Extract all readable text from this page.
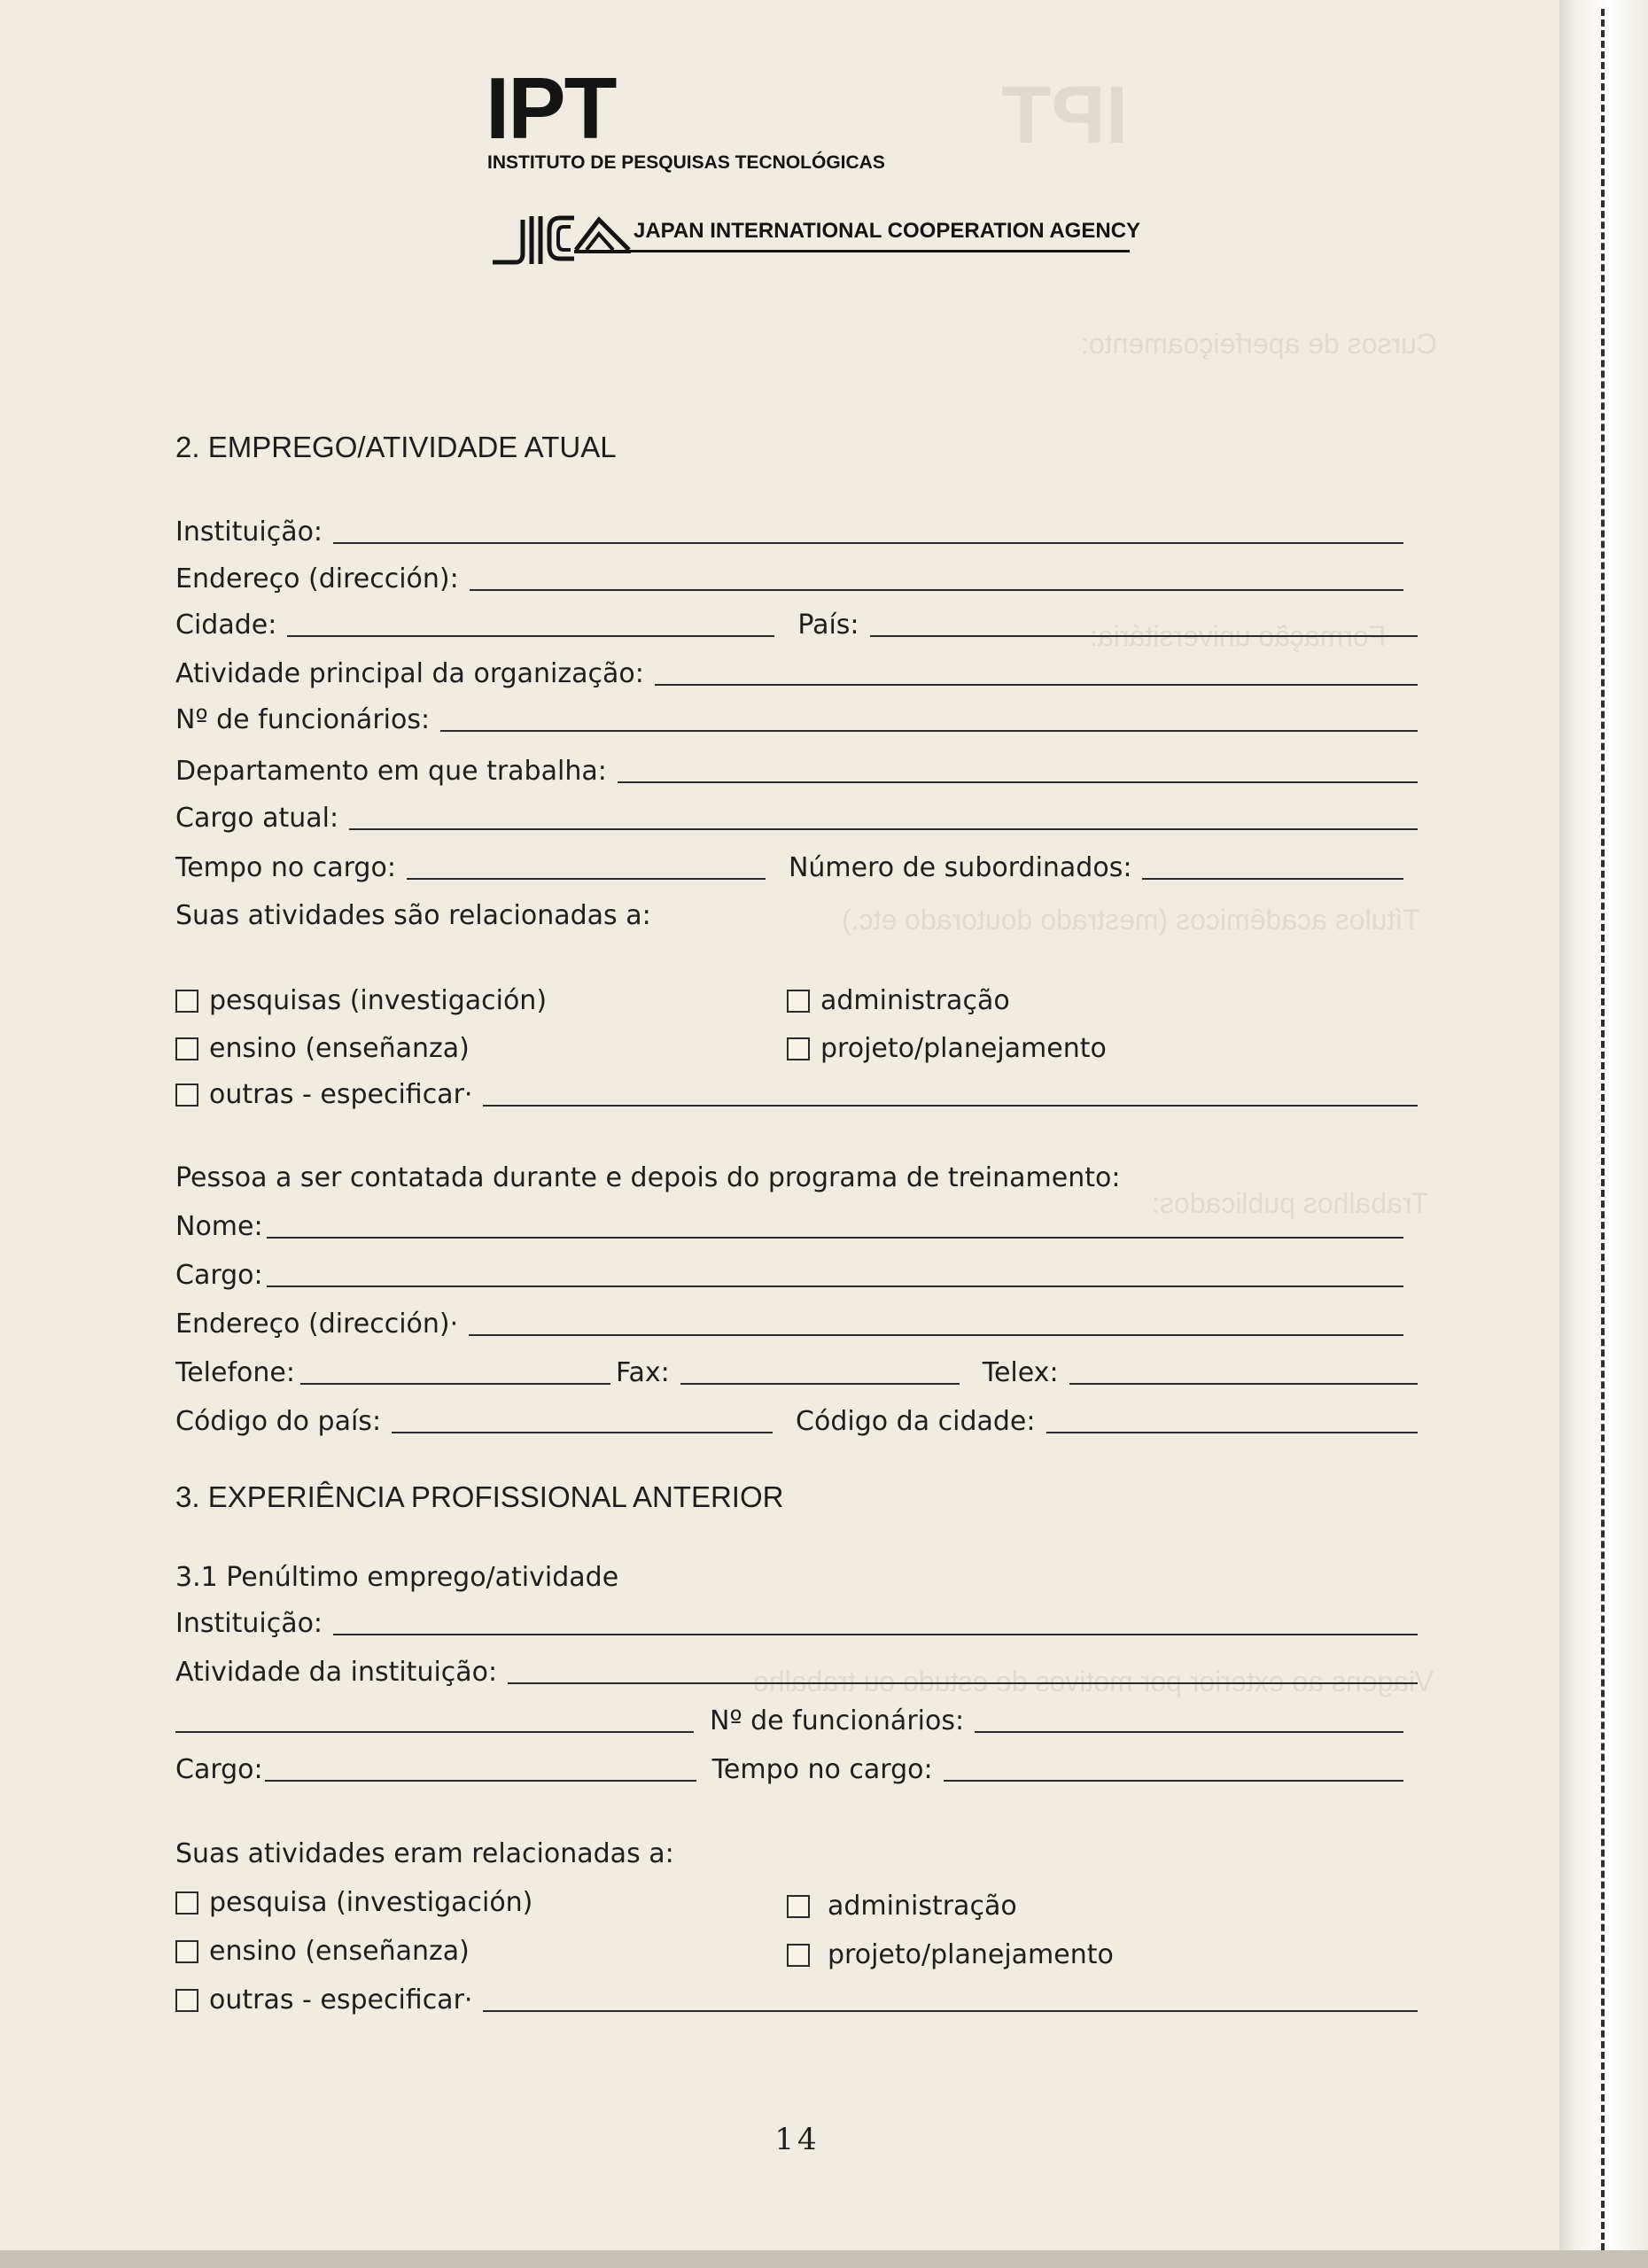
IPT
Cursos de aperfeiçoamento:
Formação universitária:
Títulos acadêmicos (mestrado doutorado etc.)
Trabalhos publicados:
Viagens ao exterior por motivos de estudo ou trabalho
IPT
INSTITUTO DE PESQUISAS TECNOLÓGICAS
JAPAN INTERNATIONAL COOPERATION AGENCY
2. EMPREGO/ATIVIDADE ATUAL
Instituição:
Endereço (dirección):
Cidade:	País:
Atividade principal da organização:
Nº de funcionários:
Departamento em que trabalha:
Cargo atual:
Tempo no cargo:	Número de subordinados:
Suas atividades são relacionadas a:
pesquisas (investigación)	administração
ensino (enseñanza)	projeto/planejamento
outras - especificar·
Pessoa a ser contatada durante e depois do programa de treinamento:
Nome:
Cargo:
Endereço (dirección)·
Telefone:	Fax:	Telex:
Código do país:	Código da cidade:
3. EXPERIÊNCIA PROFISSIONAL ANTERIOR
3.1 Penúltimo emprego/atividade
Instituição:
Atividade da instituição:
Nº de funcionários:
Cargo:	Tempo no cargo:
Suas atividades eram relacionadas a:
pesquisa (investigación)	administração
ensino (enseñanza)	projeto/planejamento
outras - especificar·
14
